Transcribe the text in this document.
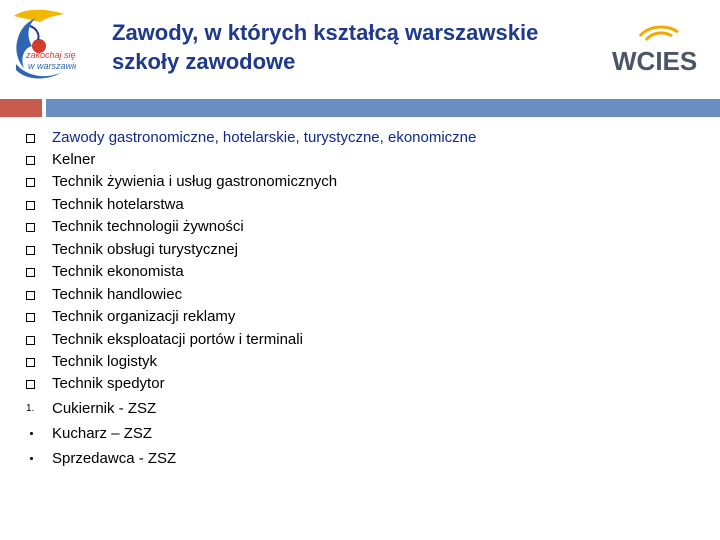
zakochaj się
w warszawie
Zawody, w których kształcą warszawskie
szkoły zawodowe	WCIES
Zawody gastronomiczne, hotelarskie, turystyczne, ekonomiczne
Kelner
Technik żywienia i usług gastronomicznych
Technik hotelarstwa
Technik technologii żywności
Technik obsługi turystycznej
Technik ekonomista
Technik handlowiec
Technik organizacji reklamy
Technik eksploatacji portów i terminali
Technik logistyk
Technik spedytor
1. Cukiernik - ZSZ
Kucharz – ZSZ
Sprzedawca - ZSZ
